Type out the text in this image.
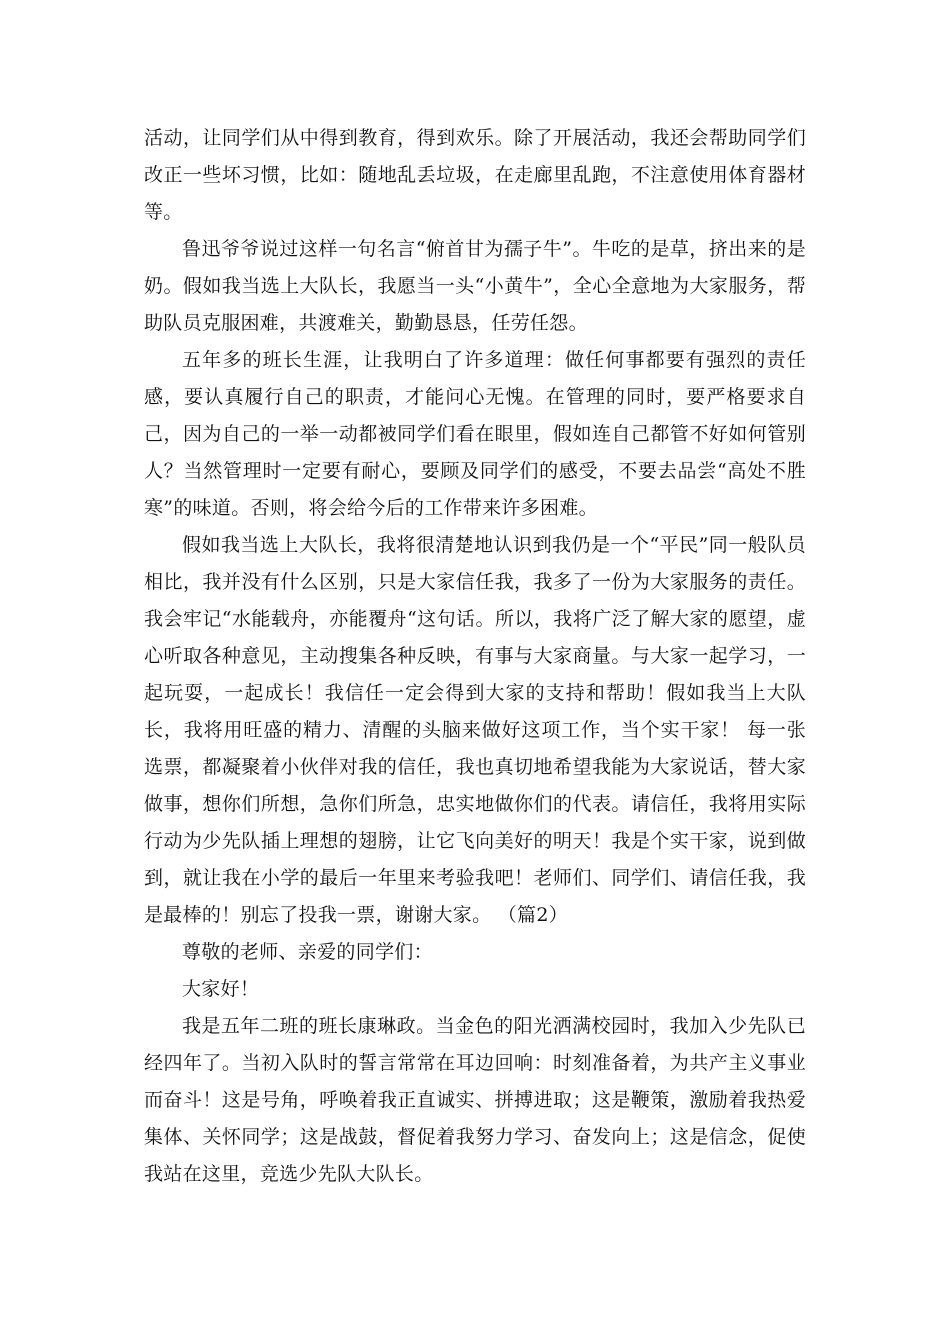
活动，让同学们从中得到教育，得到欢乐。除了开展活动，我还会帮助同学们改正一些坏习惯，比如：随地乱丢垃圾，在走廊里乱跑，不注意使用体育器材等。

鲁迅爷爷说过这样一句名言“俯首甘为孺子牛”。牛吃的是草，挤出来的是奶。假如我当选上大队长，我愿当一头“小黄牛”，全心全意地为大家服务，帮助队员克服困难，共渡难关，勤勤恳恳，任劳任怨。

五年多的班长生涯，让我明白了许多道理：做任何事都要有强烈的责任感，要认真履行自己的职责，才能问心无愧。在管理的同时，要严格要求自己，因为自己的一举一动都被同学们看在眼里，假如连自己都管不好如何管别人？当然管理时一定要有耐心，要顾及同学们的感受，不要去品尝“高处不胜寒”的味道。否则，将会给今后的工作带来许多困难。

假如我当选上大队长，我将很清楚地认识到我仍是一个“平民”同一般队员相比，我并没有什么区别，只是大家信任我，我多了一份为大家服务的责任。我会牢记“水能载舟，亦能覆舟“这句话。所以，我将广泛了解大家的愿望，虚心听取各种意见，主动搜集各种反映，有事与大家商量。与大家一起学习，一起玩耍，一起成长！我信任一定会得到大家的支持和帮助！假如我当上大队长，我将用旺盛的精力、清醒的头脑来做好这项工作，当个实干家！ 每一张选票，都凝聚着小伙伴对我的信任，我也真切地希望我能为大家说话，替大家做事，想你们所想，急你们所急，忠实地做你们的代表。请信任，我将用实际行动为少先队插上理想的翅膀，让它飞向美好的明天！我是个实干家，说到做到，就让我在小学的最后一年里来考验我吧！老师们、同学们、请信任我，我是最棒的！别忘了投我一票，谢谢大家。 （篇2）

尊敬的老师、亲爱的同学们：

大家好！

我是五年二班的班长康琳政。当金色的阳光洒满校园时，我加入少先队已经四年了。当初入队时的誓言常常在耳边回响：时刻准备着，为共产主义事业而奋斗！这是号角，呼唤着我正直诚实、拼搏进取；这是鞭策，激励着我热爱集体、关怀同学；这是战鼓，督促着我努力学习、奋发向上；这是信念，促使我站在这里，竞选少先队大队长。
